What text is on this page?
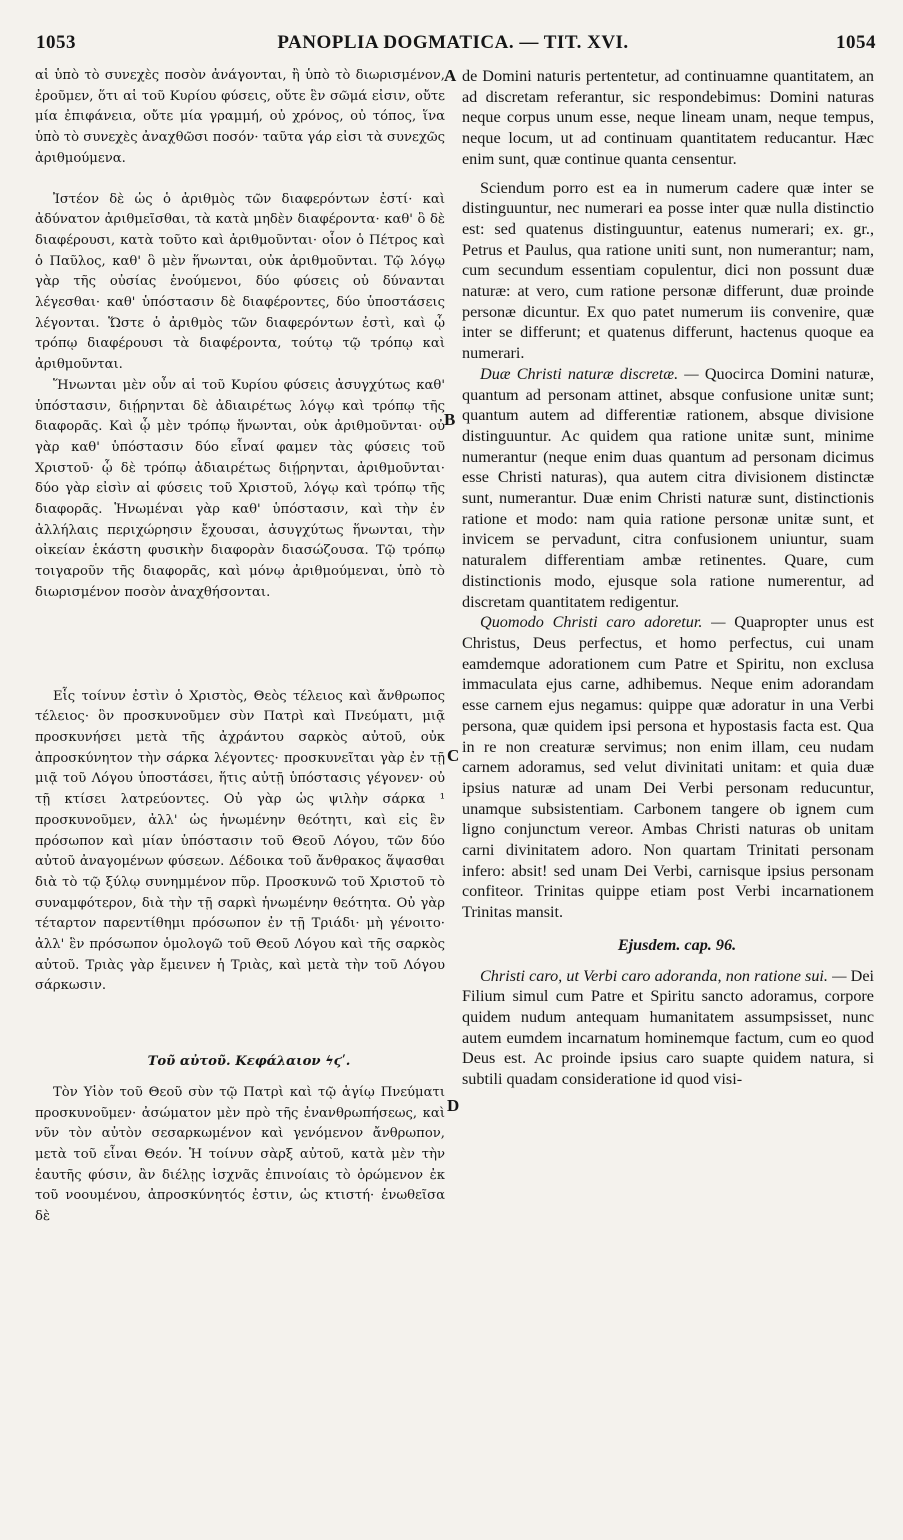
1053	PANOPLIA DOGMATICA. — TIT. XVI.	1054
A
B
C
D

αἱ ὑπὸ τὸ συνεχὲς ποσὸν ἀνάγονται, ἢ ὑπὸ τὸ διωρισμένον, ἐροῦμεν, ὅτι αἱ τοῦ Κυρίου φύσεις, οὔτε ἓν σῶμά εἰσιν, οὔτε μία ἐπιφάνεια, οὔτε μία γραμμή, οὐ χρόνος, οὐ τόπος, ἵνα ὑπὸ τὸ συνεχὲς ἀναχθῶσι ποσόν· ταῦτα γάρ εἰσι τὰ συνεχῶς ἀριθμούμενα.

Ἰστέον δὲ ὡς ὁ ἀριθμὸς τῶν διαφερόντων ἐστί· καὶ ἀδύνατον ἀριθμεῖσθαι, τὰ κατὰ μηδὲν διαφέροντα· καθ' ὃ δὲ διαφέρουσι, κατὰ τοῦτο καὶ ἀριθμοῦνται· οἷον ὁ Πέτρος καὶ ὁ Παῦλος, καθ' ὃ μὲν ἥνωνται, οὐκ ἀριθμοῦνται. Τῷ λόγῳ γὰρ τῆς οὐσίας ἑνούμενοι, δύο φύσεις οὐ δύνανται λέγεσθαι· καθ' ὑπόστασιν δὲ διαφέροντες, δύο ὑποστάσεις λέγονται. Ὥστε ὁ ἀριθμὸς τῶν διαφερόντων ἐστὶ, καὶ ᾧ τρόπῳ διαφέρουσι τὰ διαφέροντα, τούτῳ τῷ τρόπῳ καὶ ἀριθμοῦνται.

Ἥνωνται μὲν οὖν αἱ τοῦ Κυρίου φύσεις ἀσυγχύτως καθ' ὑπόστασιν, διῄρηνται δὲ ἀδιαιρέτως λόγῳ καὶ τρόπῳ τῆς διαφορᾶς. Καὶ ᾧ μὲν τρόπῳ ἥνωνται, οὐκ ἀριθμοῦνται· οὐ γὰρ καθ' ὑπόστασιν δύο εἶναί φαμεν τὰς φύσεις τοῦ Χριστοῦ· ᾧ δὲ τρόπῳ ἀδιαιρέτως διῄρηνται, ἀριθμοῦνται· δύο γὰρ εἰσὶν αἱ φύσεις τοῦ Χριστοῦ, λόγῳ καὶ τρόπῳ τῆς διαφορᾶς. Ἡνωμέναι γὰρ καθ' ὑπόστασιν, καὶ τὴν ἐν ἀλλήλαις περιχώρησιν ἔχουσαι, ἀσυγχύτως ἥνωνται, τὴν οἰκείαν ἑκάστη φυσικὴν διαφορὰν διασώζουσα. Τῷ τρόπῳ τοιγαροῦν τῆς διαφορᾶς, καὶ μόνῳ ἀριθμούμεναι, ὑπὸ τὸ διωρισμένον ποσὸν ἀναχθήσονται.

Εἷς τοίνυν ἐστὶν ὁ Χριστὸς, Θεὸς τέλειος καὶ ἄνθρωπος τέλειος· ὃν προσκυνοῦμεν σὺν Πατρὶ καὶ Πνεύματι, μιᾷ προσκυνήσει μετὰ τῆς ἀχράντου σαρκὸς αὐτοῦ, οὐκ ἀπροσκύνητον τὴν σάρκα λέγοντες· προσκυνεῖται γὰρ ἐν τῇ μιᾷ τοῦ Λόγου ὑποστάσει, ἥτις αὐτῇ ὑπόστασις γέγονεν· οὐ τῇ κτίσει λατρεύοντες. Οὐ γὰρ ὡς ψιλὴν σάρκα ¹ προσκυνοῦμεν, ἀλλ' ὡς ἡνωμένην θεότητι, καὶ εἰς ἓν πρόσωπον καὶ μίαν ὑπόστασιν τοῦ Θεοῦ Λόγου, τῶν δύο αὐτοῦ ἀναγομένων φύσεων. Δέδοικα τοῦ ἄνθρακος ἅψασθαι διὰ τὸ τῷ ξύλῳ συνημμένον πῦρ. Προσκυνῶ τοῦ Χριστοῦ τὸ συναμφότερον, διὰ τὴν τῇ σαρκὶ ἡνωμένην θεότητα. Οὐ γὰρ τέταρτον παρεντίθημι πρόσωπον ἐν τῇ Τριάδι· μὴ γένοιτο· ἀλλ' ἓν πρόσωπον ὁμολογῶ τοῦ Θεοῦ Λόγου καὶ τῆς σαρκὸς αὐτοῦ. Τριὰς γὰρ ἔμεινεν ἡ Τριὰς, καὶ μετὰ τὴν τοῦ Λόγου σάρκωσιν.

Τοῦ αὐτοῦ. Κεφάλαιον ϟϛʹ.

Τὸν Υἱὸν τοῦ Θεοῦ σὺν τῷ Πατρὶ καὶ τῷ ἁγίῳ Πνεύματι προσκυνοῦμεν· ἀσώματον μὲν πρὸ τῆς ἐνανθρωπήσεως, καὶ νῦν τὸν αὐτὸν σεσαρκωμένον καὶ γενόμενον ἄνθρωπον, μετὰ τοῦ εἶναι Θεόν. Ἡ τοίνυν σὰρξ αὐτοῦ, κατὰ μὲν τὴν ἑαυτῆς φύσιν, ἂν διέλῃς ἰσχνᾶς ἐπινοίαις τὸ ὁρώμενον ἐκ τοῦ νοουμένου, ἀπροσκύνητός ἐστιν, ὡς κτιστή· ἑνωθεῖσα δὲ

de Domini naturis pertentetur, ad continuamne quantitatem, an ad discretam referantur, sic respondebimus: Domini naturas neque corpus unum esse, neque lineam unam, neque tempus, neque locum, ut ad continuam quantitatem reducantur. Hæc enim sunt, quæ continue quanta censentur.

Sciendum porro est ea in numerum cadere quæ inter se distinguuntur, nec numerari ea posse inter quæ nulla distinctio est: sed quatenus distinguuntur, eatenus numerari; ex. gr., Petrus et Paulus, qua ratione uniti sunt, non numerantur; nam, cum secundum essentiam copulentur, dici non possunt duæ naturæ: at vero, cum ratione personæ differunt, duæ proinde personæ dicuntur. Ex quo patet numerum iis convenire, quæ inter se differunt; et quatenus differunt, hactenus quoque ea numerari.

Duæ Christi naturæ discretæ. — Quocirca Domini naturæ, quantum ad personam attinet, absque confusione unitæ sunt; quantum autem ad differentiæ rationem, absque divisione distinguuntur. Ac quidem qua ratione unitæ sunt, minime numerantur (neque enim duas quantum ad personam dicimus esse Christi naturas), qua autem citra divisionem distinctæ sunt, numerantur. Duæ enim Christi naturæ sunt, distinctionis ratione et modo: nam quia ratione personæ unitæ sunt, et invicem se pervadunt, citra confusionem uniuntur, suam naturalem differentiam ambæ retinentes. Quare, cum distinctionis modo, ejusque sola ratione numerentur, ad discretam quantitatem redigentur.

Quomodo Christi caro adoretur. — Quapropter unus est Christus, Deus perfectus, et homo perfectus, cui unam eamdemque adorationem cum Patre et Spiritu, non exclusa immaculata ejus carne, adhibemus. Neque enim adorandam esse carnem ejus negamus: quippe quæ adoratur in una Verbi persona, quæ quidem ipsi persona et hypostasis facta est. Qua in re non creaturæ servimus; non enim illam, ceu nudam carnem adoramus, sed velut divinitati unitam: et quia duæ ipsius naturæ ad unam Dei Verbi personam reducuntur, unamque subsistentiam. Carbonem tangere ob ignem cum ligno conjunctum vereor. Ambas Christi naturas ob unitam carni divinitatem adoro. Non quartam Trinitati personam infero: absit! sed unam Dei Verbi, carnisque ipsius personam confiteor. Trinitas quippe etiam post Verbi incarnationem Trinitas mansit.

Ejusdem. cap. 96.

Christi caro, ut Verbi caro adoranda, non ratione sui. — Dei Filium simul cum Patre et Spiritu sancto adoramus, corpore quidem nudum antequam humanitatem assumpsisset, nunc autem eumdem incarnatum hominemque factum, cum eo quod Deus est. Ac proinde ipsius caro suapte quidem natura, si subtili quadam consideratione id quod visi-
